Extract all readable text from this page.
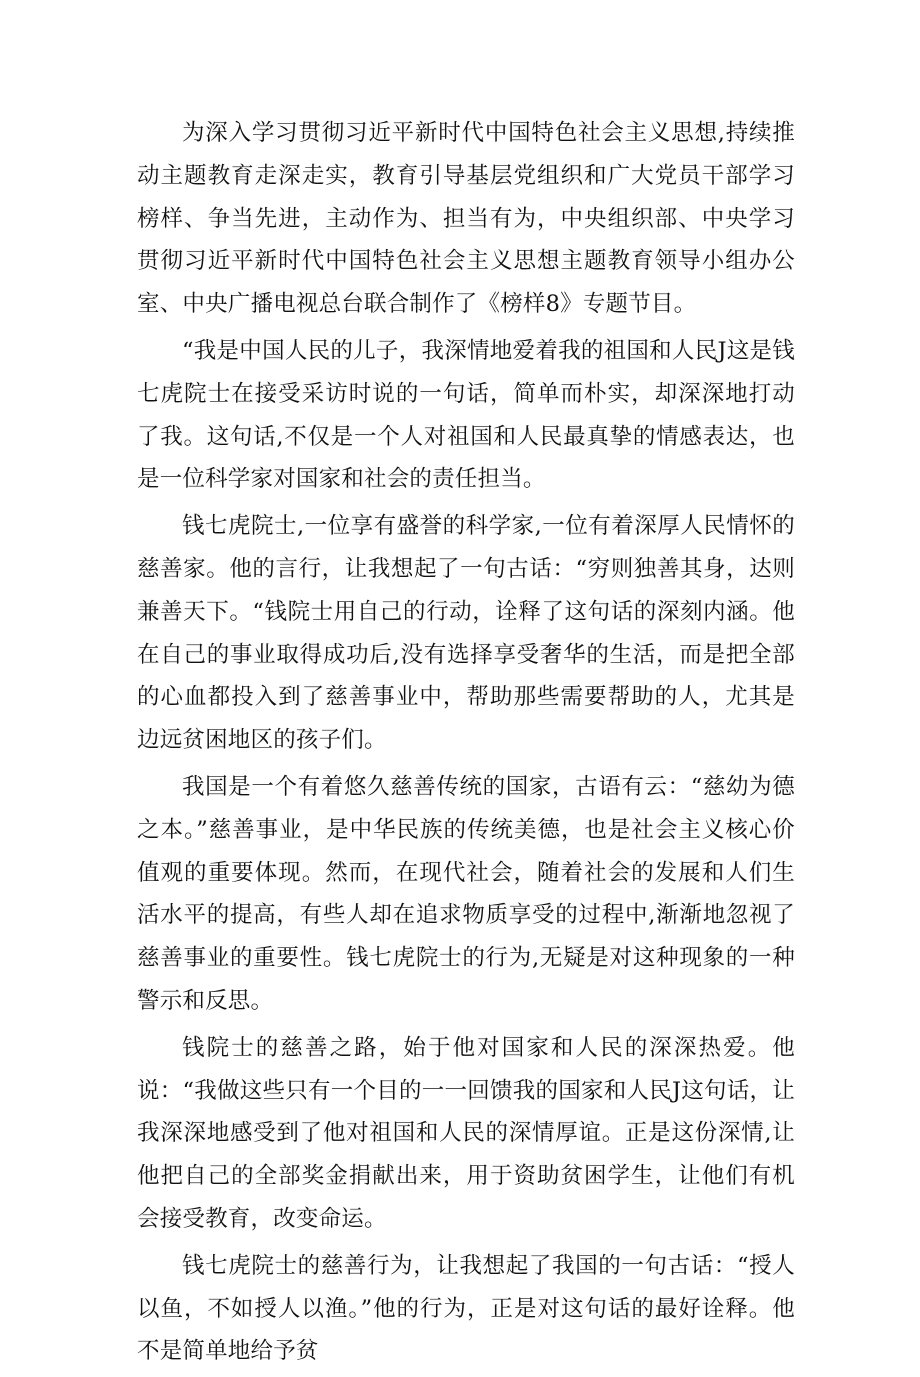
为深入学习贯彻习近平新时代中国特色社会主义思想,持续推动主题教育走深走实，教育引导基层党组织和广大党员干部学习榜样、争当先进，主动作为、担当有为，中央组织部、中央学习贯彻习近平新时代中国特色社会主义思想主题教育领导小组办公室、中央广播电视总台联合制作了《榜样8》专题节目。

“我是中国人民的儿子，我深情地爱着我的祖国和人民J这是钱七虎院士在接受采访时说的一句话，简单而朴实，却深深地打动了我。这句话,不仅是一个人对祖国和人民最真挚的情感表达，也是一位科学家对国家和社会的责任担当。

钱七虎院士,一位享有盛誉的科学家,一位有着深厚人民情怀的慈善家。他的言行，让我想起了一句古话：“穷则独善其身，达则兼善天下。“钱院士用自己的行动，诠释了这句话的深刻内涵。他在自己的事业取得成功后,没有选择享受奢华的生活，而是把全部的心血都投入到了慈善事业中，帮助那些需要帮助的人，尤其是边远贫困地区的孩子们。

我国是一个有着悠久慈善传统的国家，古语有云：“慈幼为德之本。”慈善事业，是中华民族的传统美德，也是社会主义核心价值观的重要体现。然而，在现代社会，随着社会的发展和人们生活水平的提高，有些人却在追求物质享受的过程中,渐渐地忽视了慈善事业的重要性。钱七虎院士的行为,无疑是对这种现象的一种警示和反思。

钱院士的慈善之路，始于他对国家和人民的深深热爱。他说：“我做这些只有一个目的一一回馈我的国家和人民J这句话，让我深深地感受到了他对祖国和人民的深情厚谊。正是这份深情,让他把自己的全部奖金捐献出来，用于资助贫困学生，让他们有机会接受教育，改变命运。

钱七虎院士的慈善行为，让我想起了我国的一句古话：“授人以鱼，不如授人以渔。”他的行为，正是对这句话的最好诠释。他不是简单地给予贫
